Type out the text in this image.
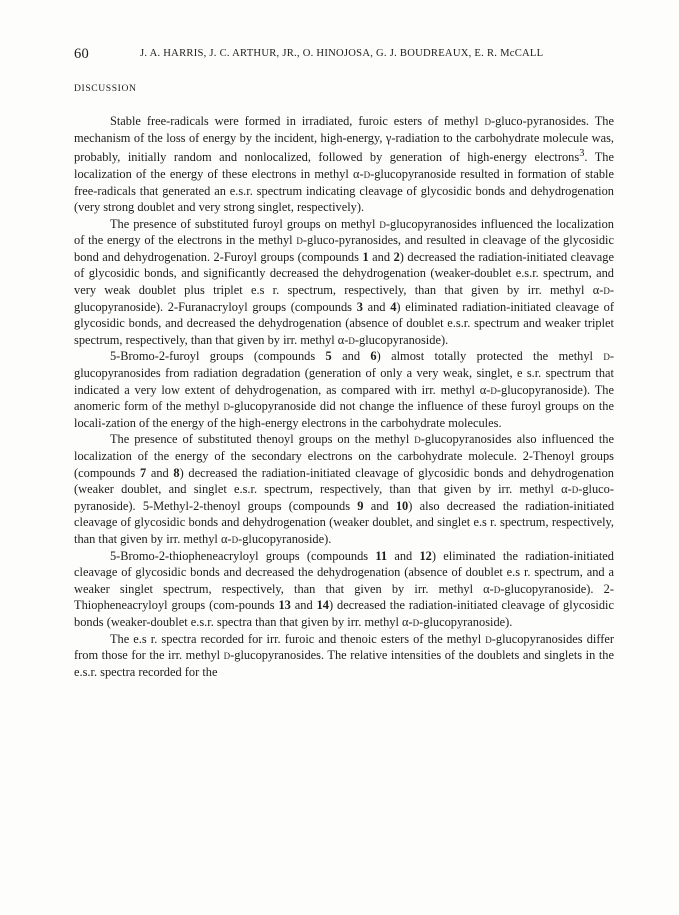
60	J. A. HARRIS, J. C. ARTHUR, JR., O. HINOJOSA, G. J. BOUDREAUX, E. R. McCALL
DISCUSSION

Stable free-radicals were formed in irradiated, furoic esters of methyl d-gluco-pyranosides. The mechanism of the loss of energy by the incident, high-energy, γ-radiation to the carbohydrate molecule was, probably, initially random and nonlocalized, followed by generation of high-energy electrons$^3$. The localization of the energy of these electrons in methyl α-d-glucopyranoside resulted in formation of stable free-radicals that generated an e.s.r. spectrum indicating cleavage of glycosidic bonds and dehydrogenation (very strong doublet and very strong singlet, respectively).

The presence of substituted furoyl groups on methyl d-glucopyranosides influenced the localization of the energy of the electrons in the methyl d-gluco-pyranosides, and resulted in cleavage of the glycosidic bond and dehydrogenation. 2-Furoyl groups (compounds 1 and 2) decreased the radiation-initiated cleavage of glycosidic bonds, and significantly decreased the dehydrogenation (weaker-doublet e.s.r. spectrum, and very weak doublet plus triplet e.s r. spectrum, respectively, than that given by irr. methyl α-d-glucopyranoside). 2-Furanacryloyl groups (compounds 3 and 4) eliminated radiation-initiated cleavage of glycosidic bonds, and decreased the dehydrogenation (absence of doublet e.s.r. spectrum and weaker triplet spectrum, respectively, than that given by irr. methyl α-d-glucopyranoside).

5-Bromo-2-furoyl groups (compounds 5 and 6) almost totally protected the methyl d-glucopyranosides from radiation degradation (generation of only a very weak, singlet, e s.r. spectrum that indicated a very low extent of dehydrogenation, as compared with irr. methyl α-d-glucopyranoside). The anomeric form of the methyl d-glucopyranoside did not change the influence of these furoyl groups on the locali-zation of the energy of the high-energy electrons in the carbohydrate molecules.

The presence of substituted thenoyl groups on the methyl d-glucopyranosides also influenced the localization of the energy of the secondary electrons on the carbohydrate molecule. 2-Thenoyl groups (compounds 7 and 8) decreased the radiation-initiated cleavage of glycosidic bonds and dehydrogenation (weaker doublet, and singlet e.s.r. spectrum, respectively, than that given by irr. methyl α-d-gluco-pyranoside). 5-Methyl-2-thenoyl groups (compounds 9 and 10) also decreased the radiation-initiated cleavage of glycosidic bonds and dehydrogenation (weaker doublet, and singlet e.s r. spectrum, respectively, than that given by irr. methyl α-d-glucopyranoside).

5-Bromo-2-thiopheneacryloyl groups (compounds 11 and 12) eliminated the radiation-initiated cleavage of glycosidic bonds and decreased the dehydrogenation (absence of doublet e.s r. spectrum, and a weaker singlet spectrum, respectively, than that given by irr. methyl α-d-glucopyranoside). 2-Thiopheneacryloyl groups (com-pounds 13 and 14) decreased the radiation-initiated cleavage of glycosidic bonds (weaker-doublet e.s.r. spectra than that given by irr. methyl α-d-glucopyranoside).

The e.s r. spectra recorded for irr. furoic and thenoic esters of the methyl d-glucopyranosides differ from those for the irr. methyl d-glucopyranosides. The relative intensities of the doublets and singlets in the e.s.r. spectra recorded for the
